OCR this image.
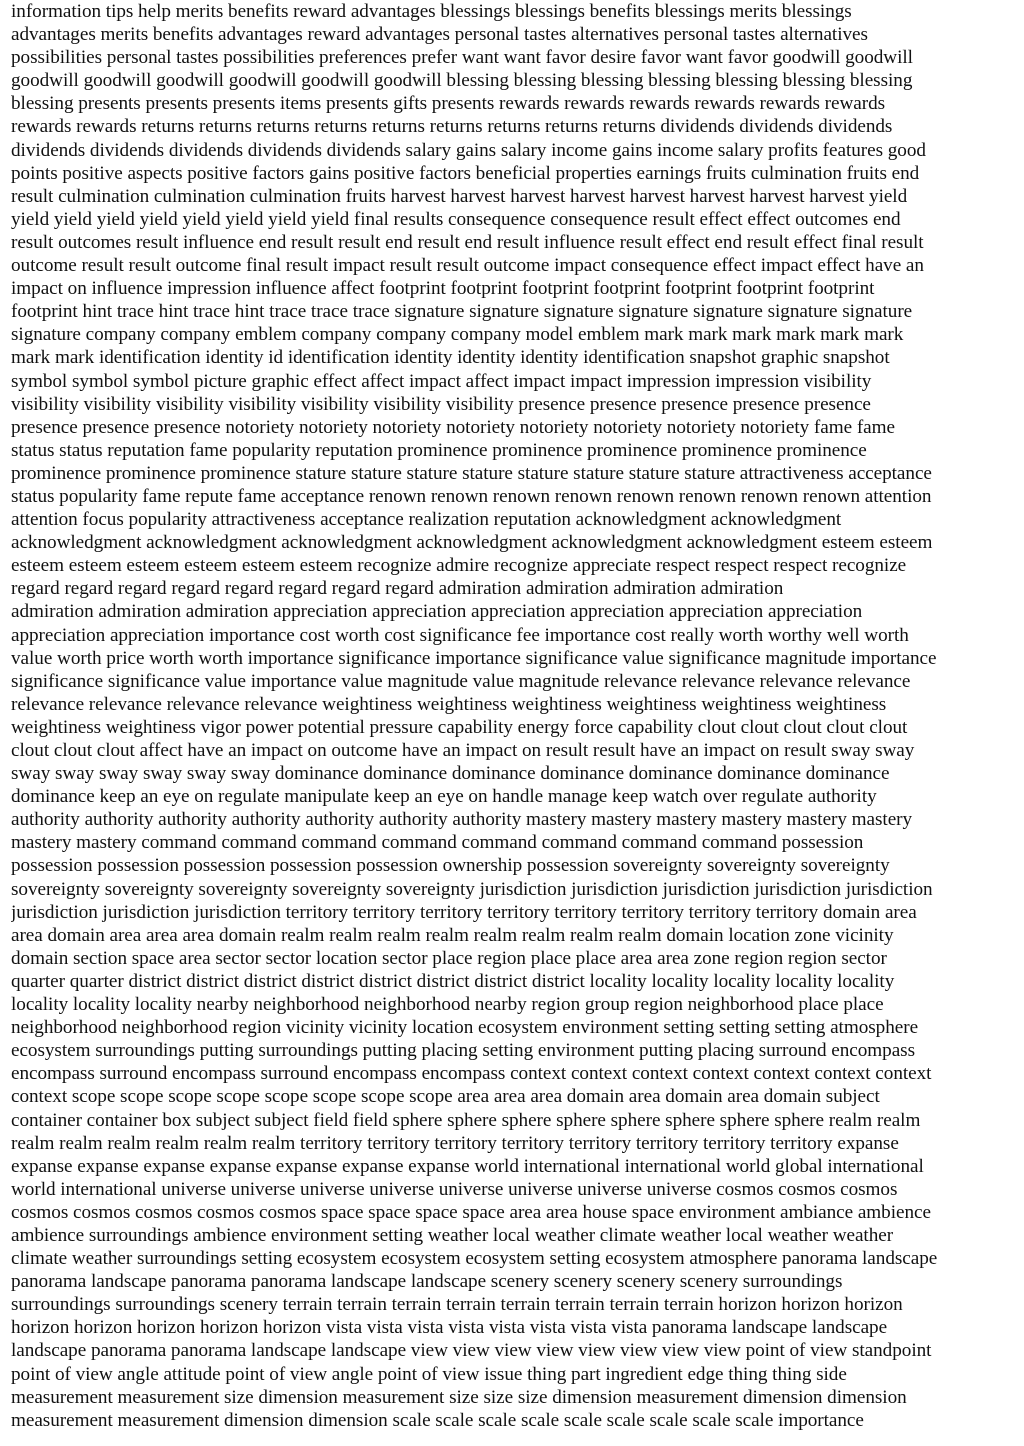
information tips help merits benefits reward advantages blessings blessings benefits blessings merits blessings
advantages merits benefits advantages reward advantages personal tastes alternatives personal tastes alternatives
possibilities personal tastes possibilities preferences prefer want want favor desire favor want favor goodwill goodwill
goodwill goodwill goodwill goodwill goodwill goodwill blessing blessing blessing blessing blessing blessing blessing
blessing presents presents presents items presents gifts presents rewards rewards rewards rewards rewards rewards
rewards rewards returns returns returns returns returns returns returns returns returns dividends dividends dividends
dividends dividends dividends dividends dividends salary gains salary income gains income salary profits features good
points positive aspects positive factors gains positive factors beneficial properties earnings fruits culmination fruits end
result culmination culmination culmination fruits harvest harvest harvest harvest harvest harvest harvest harvest yield
yield yield yield yield yield yield yield yield final results consequence consequence result effect effect outcomes end
result outcomes result influence end result result end result end result influence result effect end result effect final result
outcome result result outcome final result impact result result outcome impact consequence effect impact effect have an
impact on influence impression influence affect footprint footprint footprint footprint footprint footprint footprint
footprint hint trace hint trace hint trace trace trace signature signature signature signature signature signature signature
signature company company emblem company company company model emblem mark mark mark mark mark mark
mark mark identification identity id identification identity identity identity identification snapshot graphic snapshot
symbol symbol symbol picture graphic effect affect impact affect impact impact impression impression visibility
visibility visibility visibility visibility visibility visibility visibility presence presence presence presence presence
presence presence presence notoriety notoriety notoriety notoriety notoriety notoriety notoriety notoriety fame fame
status status reputation fame popularity reputation prominence prominence prominence prominence prominence
prominence prominence prominence stature stature stature stature stature stature stature stature attractiveness acceptance
status popularity fame repute fame acceptance renown renown renown renown renown renown renown renown attention
attention focus popularity attractiveness acceptance realization reputation acknowledgment acknowledgment
acknowledgment acknowledgment acknowledgment acknowledgment acknowledgment acknowledgment esteem esteem
esteem esteem esteem esteem esteem esteem recognize admire recognize appreciate respect respect respect recognize
regard regard regard regard regard regard regard regard admiration admiration admiration admiration
admiration admiration admiration appreciation appreciation appreciation appreciation appreciation appreciation
appreciation appreciation importance cost worth cost significance fee importance cost really worth worthy well worth
value worth price worth worth importance significance importance significance value significance magnitude importance
significance significance value importance value magnitude value magnitude relevance relevance relevance relevance
relevance relevance relevance relevance weightiness weightiness weightiness weightiness weightiness weightiness
weightiness weightiness vigor power potential pressure capability energy force capability clout clout clout clout clout
clout clout clout affect have an impact on outcome have an impact on result result have an impact on result sway sway
sway sway sway sway sway sway dominance dominance dominance dominance dominance dominance dominance
dominance keep an eye on regulate manipulate keep an eye on handle manage keep watch over regulate authority
authority authority authority authority authority authority authority mastery mastery mastery mastery mastery mastery
mastery mastery command command command command command command command command possession
possession possession possession possession possession ownership possession sovereignty sovereignty sovereignty
sovereignty sovereignty sovereignty sovereignty sovereignty jurisdiction jurisdiction jurisdiction jurisdiction jurisdiction
jurisdiction jurisdiction jurisdiction territory territory territory territory territory territory territory territory domain area
area domain area area area domain realm realm realm realm realm realm realm realm domain location zone vicinity
domain section space area sector sector location sector place region place place area area zone region region sector
quarter quarter district district district district district district district district locality locality locality locality locality
locality locality locality nearby neighborhood neighborhood nearby region group region neighborhood place place
neighborhood neighborhood region vicinity vicinity location ecosystem environment setting setting setting atmosphere
ecosystem surroundings putting surroundings putting placing setting environment putting placing surround encompass
encompass surround encompass surround encompass encompass context context context context context context context
context scope scope scope scope scope scope scope scope area area area domain area domain area domain subject
container container box subject subject field field sphere sphere sphere sphere sphere sphere sphere sphere realm realm
realm realm realm realm realm realm territory territory territory territory territory territory territory territory expanse
expanse expanse expanse expanse expanse expanse expanse world international international world global international
world international universe universe universe universe universe universe universe universe cosmos cosmos cosmos
cosmos cosmos cosmos cosmos cosmos space space space space area area house space environment ambiance ambience
ambience surroundings ambience environment setting weather local weather climate weather local weather weather
climate weather surroundings setting ecosystem ecosystem ecosystem setting ecosystem atmosphere panorama landscape
panorama landscape panorama panorama landscape landscape scenery scenery scenery scenery surroundings
surroundings surroundings scenery terrain terrain terrain terrain terrain terrain terrain terrain horizon horizon horizon
horizon horizon horizon horizon horizon vista vista vista vista vista vista vista vista panorama landscape landscape
landscape panorama panorama landscape landscape view view view view view view view view point of view standpoint
point of view angle attitude point of view angle point of view issue thing part ingredient edge thing thing side
measurement measurement size dimension measurement size size size dimension measurement dimension dimension
measurement measurement dimension dimension scale scale scale scale scale scale scale scale scale importance
